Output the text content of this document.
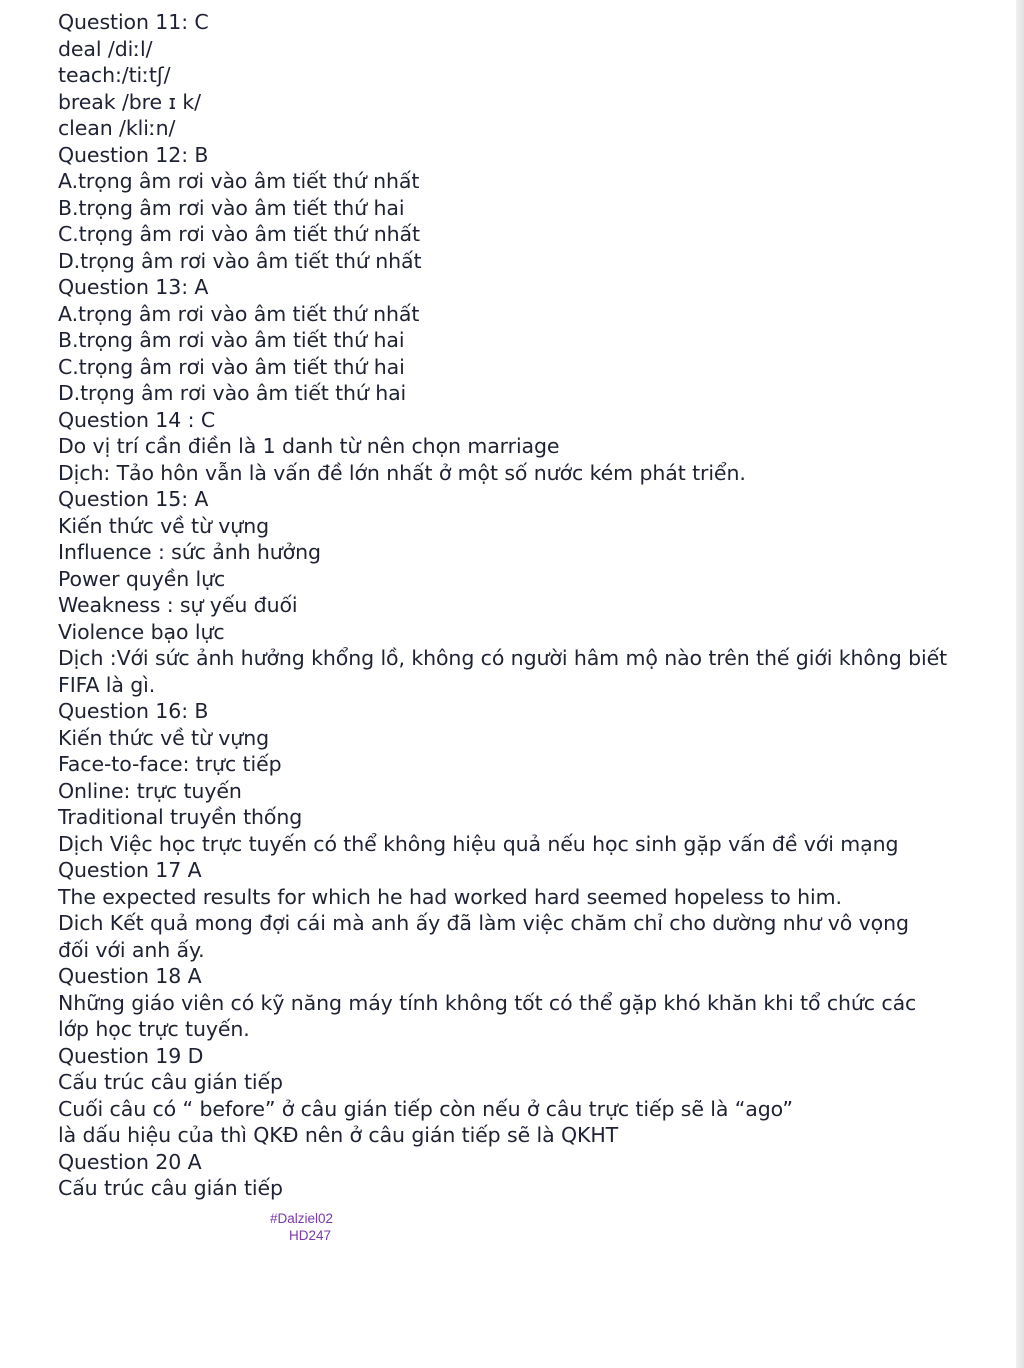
Question 11: C
deal /diːl/
teach:/tiːtʃ/
break /bre ɪ k/
clean /kliːn/
Question 12: B
A.trọng âm rơi vào âm tiết thứ nhất
B.trọng âm rơi vào âm tiết thứ hai
C.trọng âm rơi vào âm tiết thứ nhất
D.trọng âm rơi vào âm tiết thứ nhất
Question 13: A
A.trọng âm rơi vào âm tiết thứ nhất
B.trọng âm rơi vào âm tiết thứ hai
C.trọng âm rơi vào âm tiết thứ hai
D.trọng âm rơi vào âm tiết thứ hai
Question 14 : C
Do vị trí cần điền là 1 danh từ nên chọn marriage
Dịch: Tảo hôn vẫn là vấn đề lớn nhất ở một số nước kém phát triển.
Question 15: A
Kiến thức về từ vựng
Influence : sức ảnh hưởng
Power quyền lực
Weakness : sự yếu đuối
Violence bạo lực
Dịch :Với sức ảnh hưởng khổng lồ, không có người hâm mộ nào trên thế giới không biết
FIFA là gì.
Question 16: B
Kiến thức về từ vựng
Face-to-face: trực tiếp
Online: trực tuyến
Traditional truyền thống
Dịch Việc học trực tuyến có thể không hiệu quả nếu học sinh gặp vấn đề với mạng
Question 17 A
The expected results for which he had worked hard seemed hopeless to him.
Dich Kết quả mong đợi cái mà anh ấy đã làm việc chăm chỉ cho dường như vô vọng
đối với anh ấy.
Question 18 A
Những giáo viên có kỹ năng máy tính không tốt có thể gặp khó khăn khi tổ chức các
lớp học trực tuyến.
Question 19 D
Cấu trúc câu gián tiếp
Cuối câu có “ before” ở câu gián tiếp còn nếu ở câu trực tiếp sẽ là “ago”
là dấu hiệu của thì QKĐ nên ở câu gián tiếp sẽ là QKHT
Question 20 A
Cấu trúc câu gián tiếp
#Dalziel02
HD247
